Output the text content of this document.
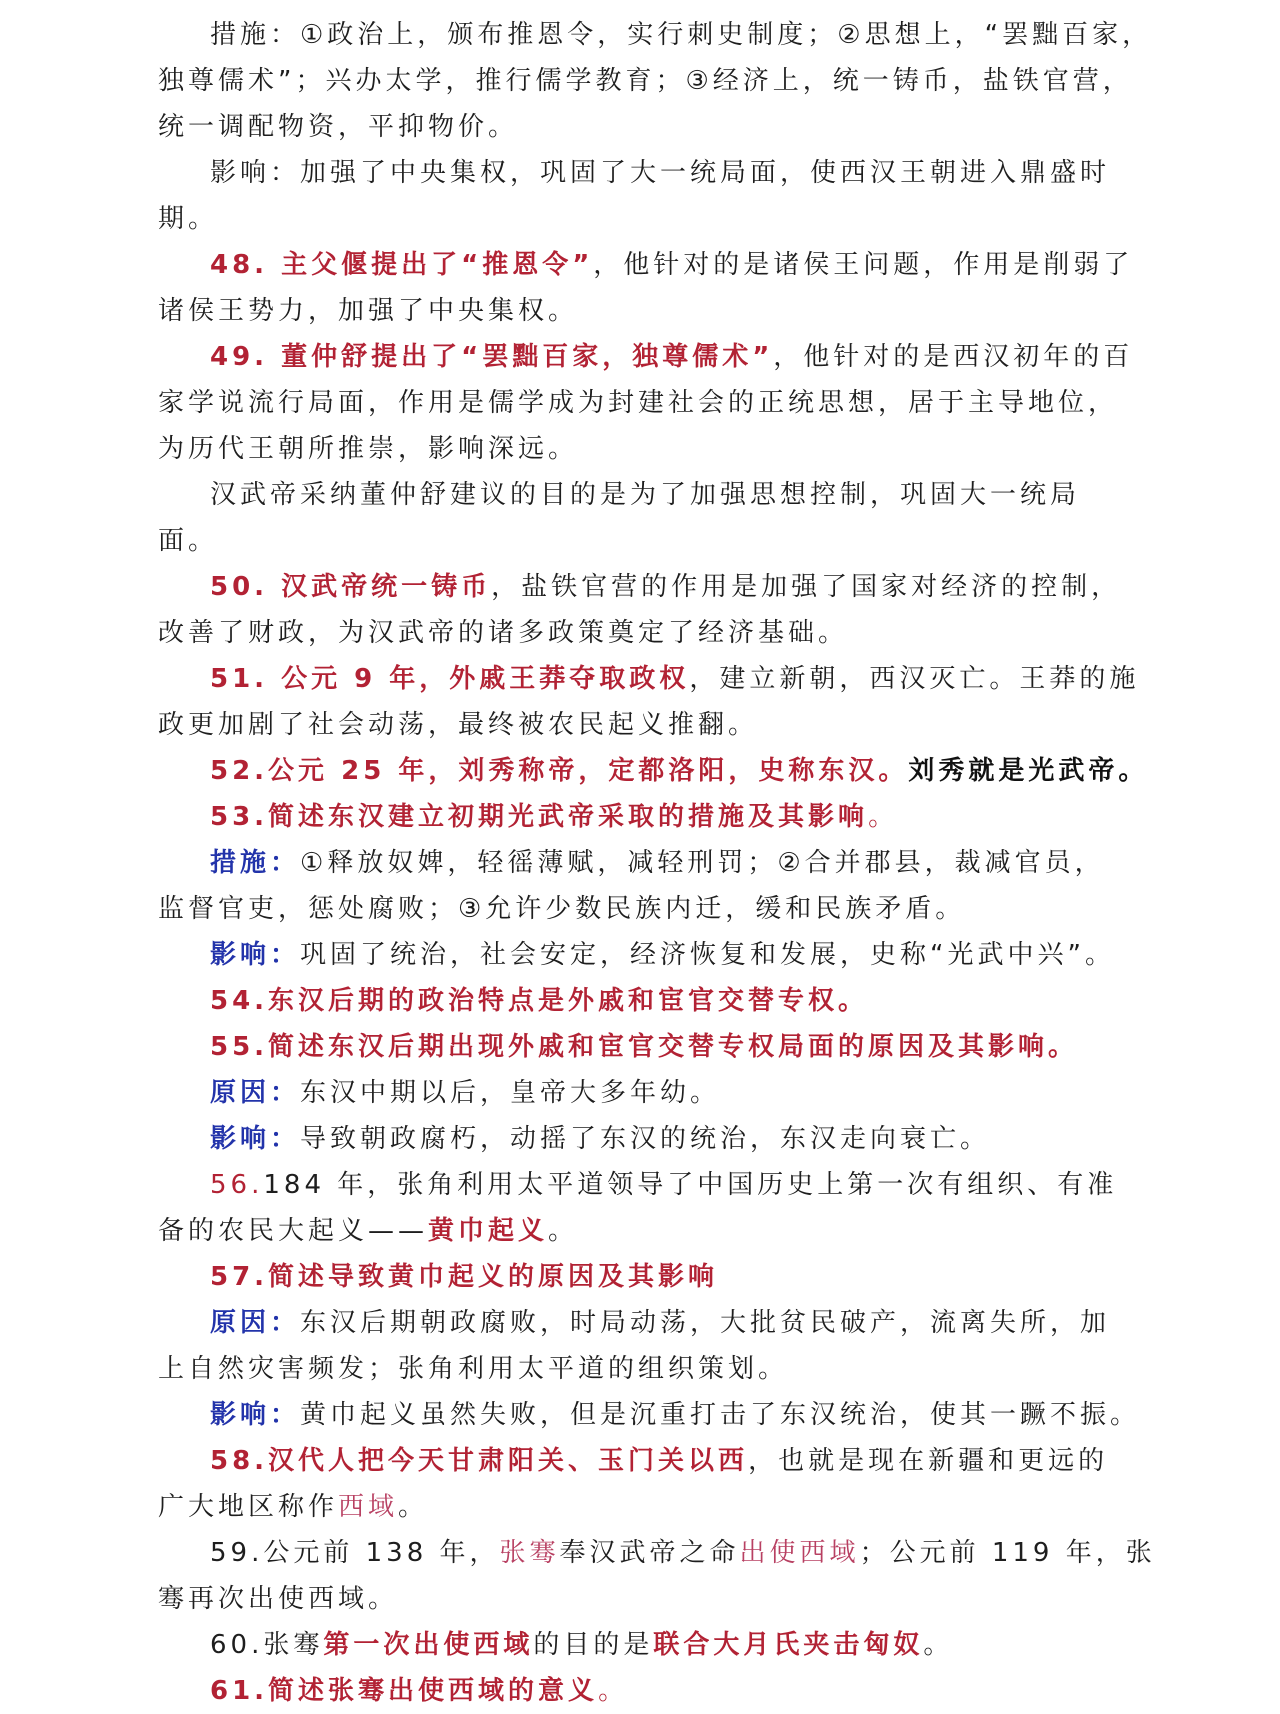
措施：①政治上，颁布推恩令，实行刺史制度；②思想上，“罢黜百家，
独尊儒术”；兴办太学，推行儒学教育；③经济上，统一铸币，盐铁官营，
统一调配物资，平抑物价。
影响：加强了中央集权，巩固了大一统局面，使西汉王朝进入鼎盛时
期。
48. 主父偃提出了“推恩令”，他针对的是诸侯王问题，作用是削弱了
诸侯王势力，加强了中央集权。
49. 董仲舒提出了“罢黜百家，独尊儒术”，他针对的是西汉初年的百
家学说流行局面，作用是儒学成为封建社会的正统思想，居于主导地位，
为历代王朝所推崇，影响深远。
汉武帝采纳董仲舒建议的目的是为了加强思想控制，巩固大一统局
面。
50. 汉武帝统一铸币，盐铁官营的作用是加强了国家对经济的控制，
改善了财政，为汉武帝的诸多政策奠定了经济基础。
51. 公元 9 年，外戚王莽夺取政权，建立新朝，西汉灭亡。王莽的施
政更加剧了社会动荡，最终被农民起义推翻。
52.公元 25 年，刘秀称帝，定都洛阳，史称东汉。刘秀就是光武帝。
53.简述东汉建立初期光武帝采取的措施及其影响。
措施：①释放奴婢，轻徭薄赋，减轻刑罚；②合并郡县，裁减官员，
监督官吏，惩处腐败；③允许少数民族内迁，缓和民族矛盾。
影响：巩固了统治，社会安定，经济恢复和发展，史称“光武中兴”。
54.东汉后期的政治特点是外戚和宦官交替专权。
55.简述东汉后期出现外戚和宦官交替专权局面的原因及其影响。
原因：东汉中期以后，皇帝大多年幼。
影响：导致朝政腐朽，动摇了东汉的统治，东汉走向衰亡。
56.184 年，张角利用太平道领导了中国历史上第一次有组织、有准
备的农民大起义——黄巾起义。
57.简述导致黄巾起义的原因及其影响
原因：东汉后期朝政腐败，时局动荡，大批贫民破产，流离失所，加
上自然灾害频发；张角利用太平道的组织策划。
影响：黄巾起义虽然失败，但是沉重打击了东汉统治，使其一蹶不振。
58.汉代人把今天甘肃阳关、玉门关以西，也就是现在新疆和更远的
广大地区称作西域。
59.公元前 138 年，张骞奉汉武帝之命出使西域；公元前 119 年，张
骞再次出使西域。
60.张骞第一次出使西域的目的是联合大月氏夹击匈奴。
61.简述张骞出使西域的意义。
